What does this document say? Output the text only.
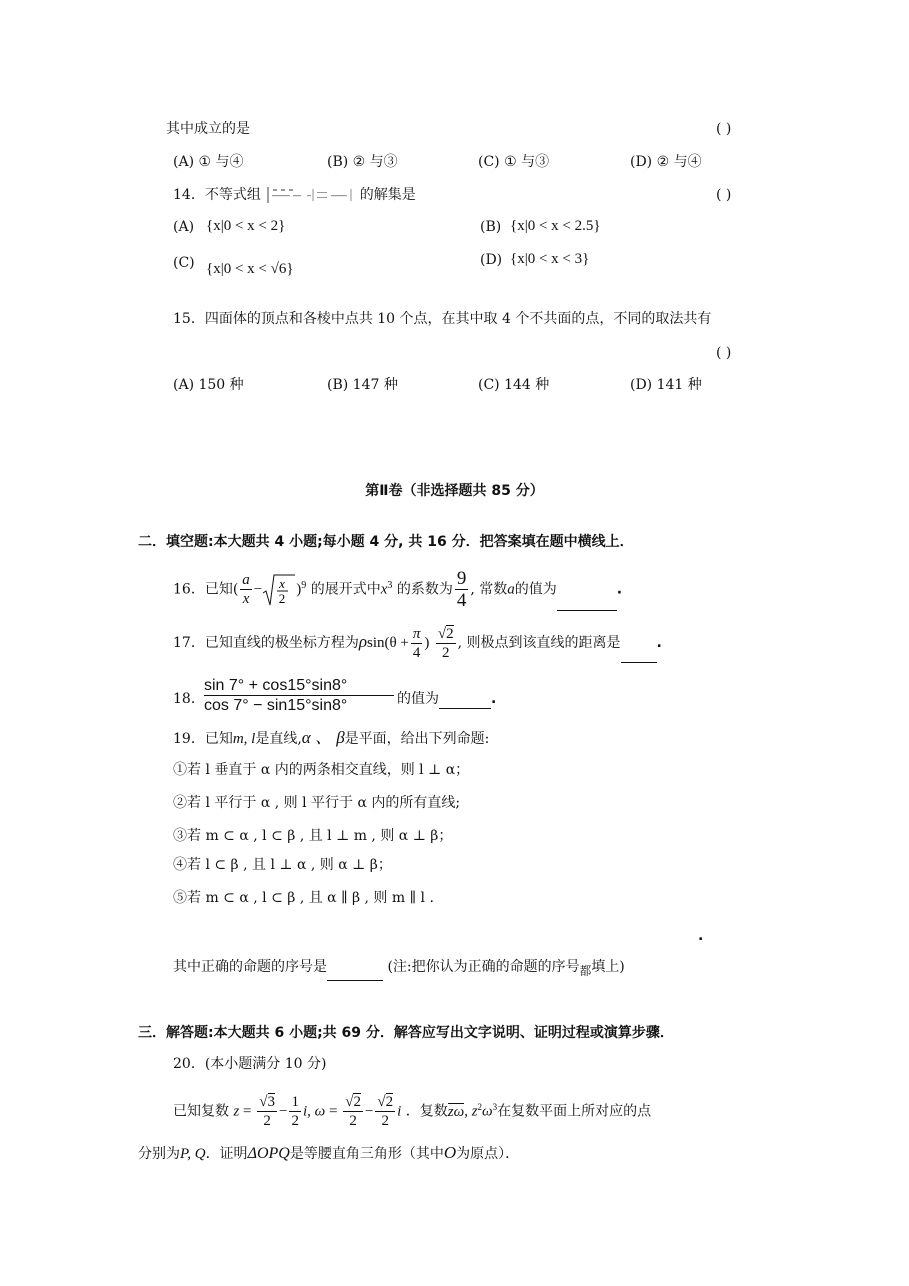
其中成立的是	( )
(A) ① 与④	(B) ② 与③	(C) ① 与③	(D) ② 与④
14．不等式组	的解集是	( )
(A) {x|0 < x < 2}	(B) {x|0 < x < 2.5}
(C) {x|0 < x < √6}
(D) {x|0 < x < 3}
15．四面体的顶点和各棱中点共 10 个点，在其中取 4 个不共面的点，不同的取法共有
( )
(A) 150 种	(B) 147 种	(C) 144 种	(D) 141 种
第Ⅱ卷（非选择题共 85 分）
二．填空题:本大题共 4 小题;每小题 4 分, 共 16 分．把答案填在题中横线上．
16．已知( $\frac{a}{x} - x$
2
)$^9$ 的展开式中$x^3$ 的系数为 $\frac{9}{4}$ , 常数a的值为	.
17．已知直线的极坐标方程为$\rho\sin(\theta + \frac{\pi}{4}$ ) √ $\frac{2}{2}$ , 则极点到该直线的距离是	.
18． $\frac{\sin 7^\circ + \cos 15^\circ\sin 8^\circ}{\cos 7^\circ - \sin 15^\circ\sin 8^\circ}$ 的值为	.
19．已知m, l是直线,α 、 β是平面，给出下列命题:
①若 l 垂直于 α 内的两条相交直线，则 l ⊥ α；
②若 l 平行于 α , 则 l 平行于 α 内的所有直线;
③若 m ⊂ α , l ⊂ β , 且 l ⊥ m , 则 α ⊥ β；
④若 l ⊂ β , 且 l ⊥ α , 则 α ⊥ β；
⑤若 m ⊂ α , l ⊂ β , 且 α ∥ β , 则 m ∥ l .
.
其中正确的命题的序号是	(注:把你认为正确的命题的序号$_都$填上)
三．解答题:本大题共 6 小题;共 69 分．解答应写出文字说明、证明过程或演算步骤．
20．(本小题满分 10 分)
已知复数 z = √ $\frac{3}{2} - \frac{1}{2} i$, ω = √ $\frac{2}{2}$ − √ $\frac{2}{2}$ i ．复数zω, $z^2\omega^3$在复数平面上所对应的点
分别为P, Q．证明ΔOPQ是等腰直角三角形（其中O为原点）．
